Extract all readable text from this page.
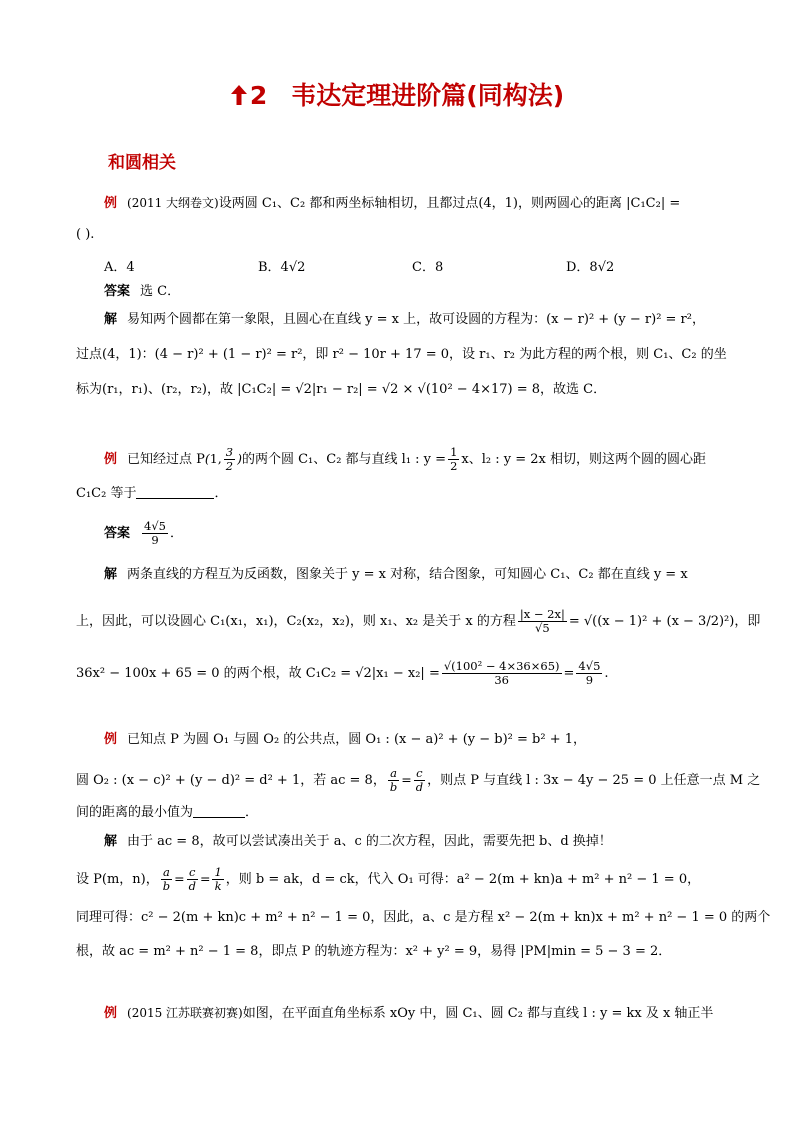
2 韦达定理进阶篇(同构法)
和圆相关
例 (2011 大纲卷文)设两圆 C₁、C₂ 都和两坐标轴相切，且都过点(4，1)，则两圆心的距离 |C₁C₂| =
( ).
A．4	B．4√2	C．8	D．8√2
答案 选 C．
解 易知两个圆都在第一象限，且圆心在直线 y = x 上，故可设圆的方程为：(x − r)² + (y − r)² = r²，
过点(4，1)：(4 − r)² + (1 − r)² = r²，即 r² − 10r + 17 = 0，设 r₁、r₂ 为此方程的两个根，则 C₁、C₂ 的坐
标为(r₁，r₁)、(r₂，r₂)，故 |C₁C₂| = √2|r₁ − r₂| = √2 × √(10² − 4×17) = 8，故选 C．
例 已知经过点 P(1, $\frac{3}{2}$ )的两个圆 C₁、C₂ 都与直线 l₁ : $y = \frac{1}{2}$ x、l₂ : y = 2x 相切，则这两个圆的圆心距
C₁C₂ 等于	．
答案 $\frac{4√5}{9}$ ．
解 两条直线的方程互为反函数，图象关于 y = x 对称，结合图象，可知圆心 C₁、C₂ 都在直线 y = x
上，因此，可以设圆心 C₁(x₁，x₁)，C₂(x₂，x₂)，则 x₁、x₂ 是关于 x 的方程 $\frac{|x - 2x|}{√5} = √((x - 1)^2 + (x - 3/2)^2)$，即
36x² − 100x + 65 = 0 的两个根，故 $C_1C_2 = √2|x_1 - x_2| = \frac{\text{√(100² − 4×36×65)}}{36} = \frac{4√5}{9}$ .
例 已知点 P 为圆 O₁ 与圆 O₂ 的公共点，圆 O₁ : (x − a)² + (y − b)² = b² + 1，
圆 O₂ : (x − c)² + (y − d)² = d² + 1，若 ac = 8， $\frac{a}{b} = \frac{c}{d}$ ，则点 P 与直线 l : 3x − 4y − 25 = 0 上任意一点 M 之
间的距离的最小值为	．
解 由于 ac = 8，故可以尝试凑出关于 a、c 的二次方程，因此，需要先把 b、d 换掉！
设 P(m，n)， $\frac{a}{b} = \frac{c}{d} = \frac{1}{k}$ ，则 b = ak，d = ck，代入 O₁ 可得：a² − 2(m + kn)a + m² + n² − 1 = 0，
同理可得：c² − 2(m + kn)c + m² + n² − 1 = 0，因此，a、c 是方程 x² − 2(m + kn)x + m² + n² − 1 = 0 的两个
根，故 ac = m² + n² − 1 = 8，即点 P 的轨迹方程为：x² + y² = 9，易得 |PM|min = 5 − 3 = 2．
例 (2015 江苏联赛初赛)如图，在平面直角坐标系 xOy 中，圆 C₁、圆 C₂ 都与直线 l : y = kx 及 x 轴正半
